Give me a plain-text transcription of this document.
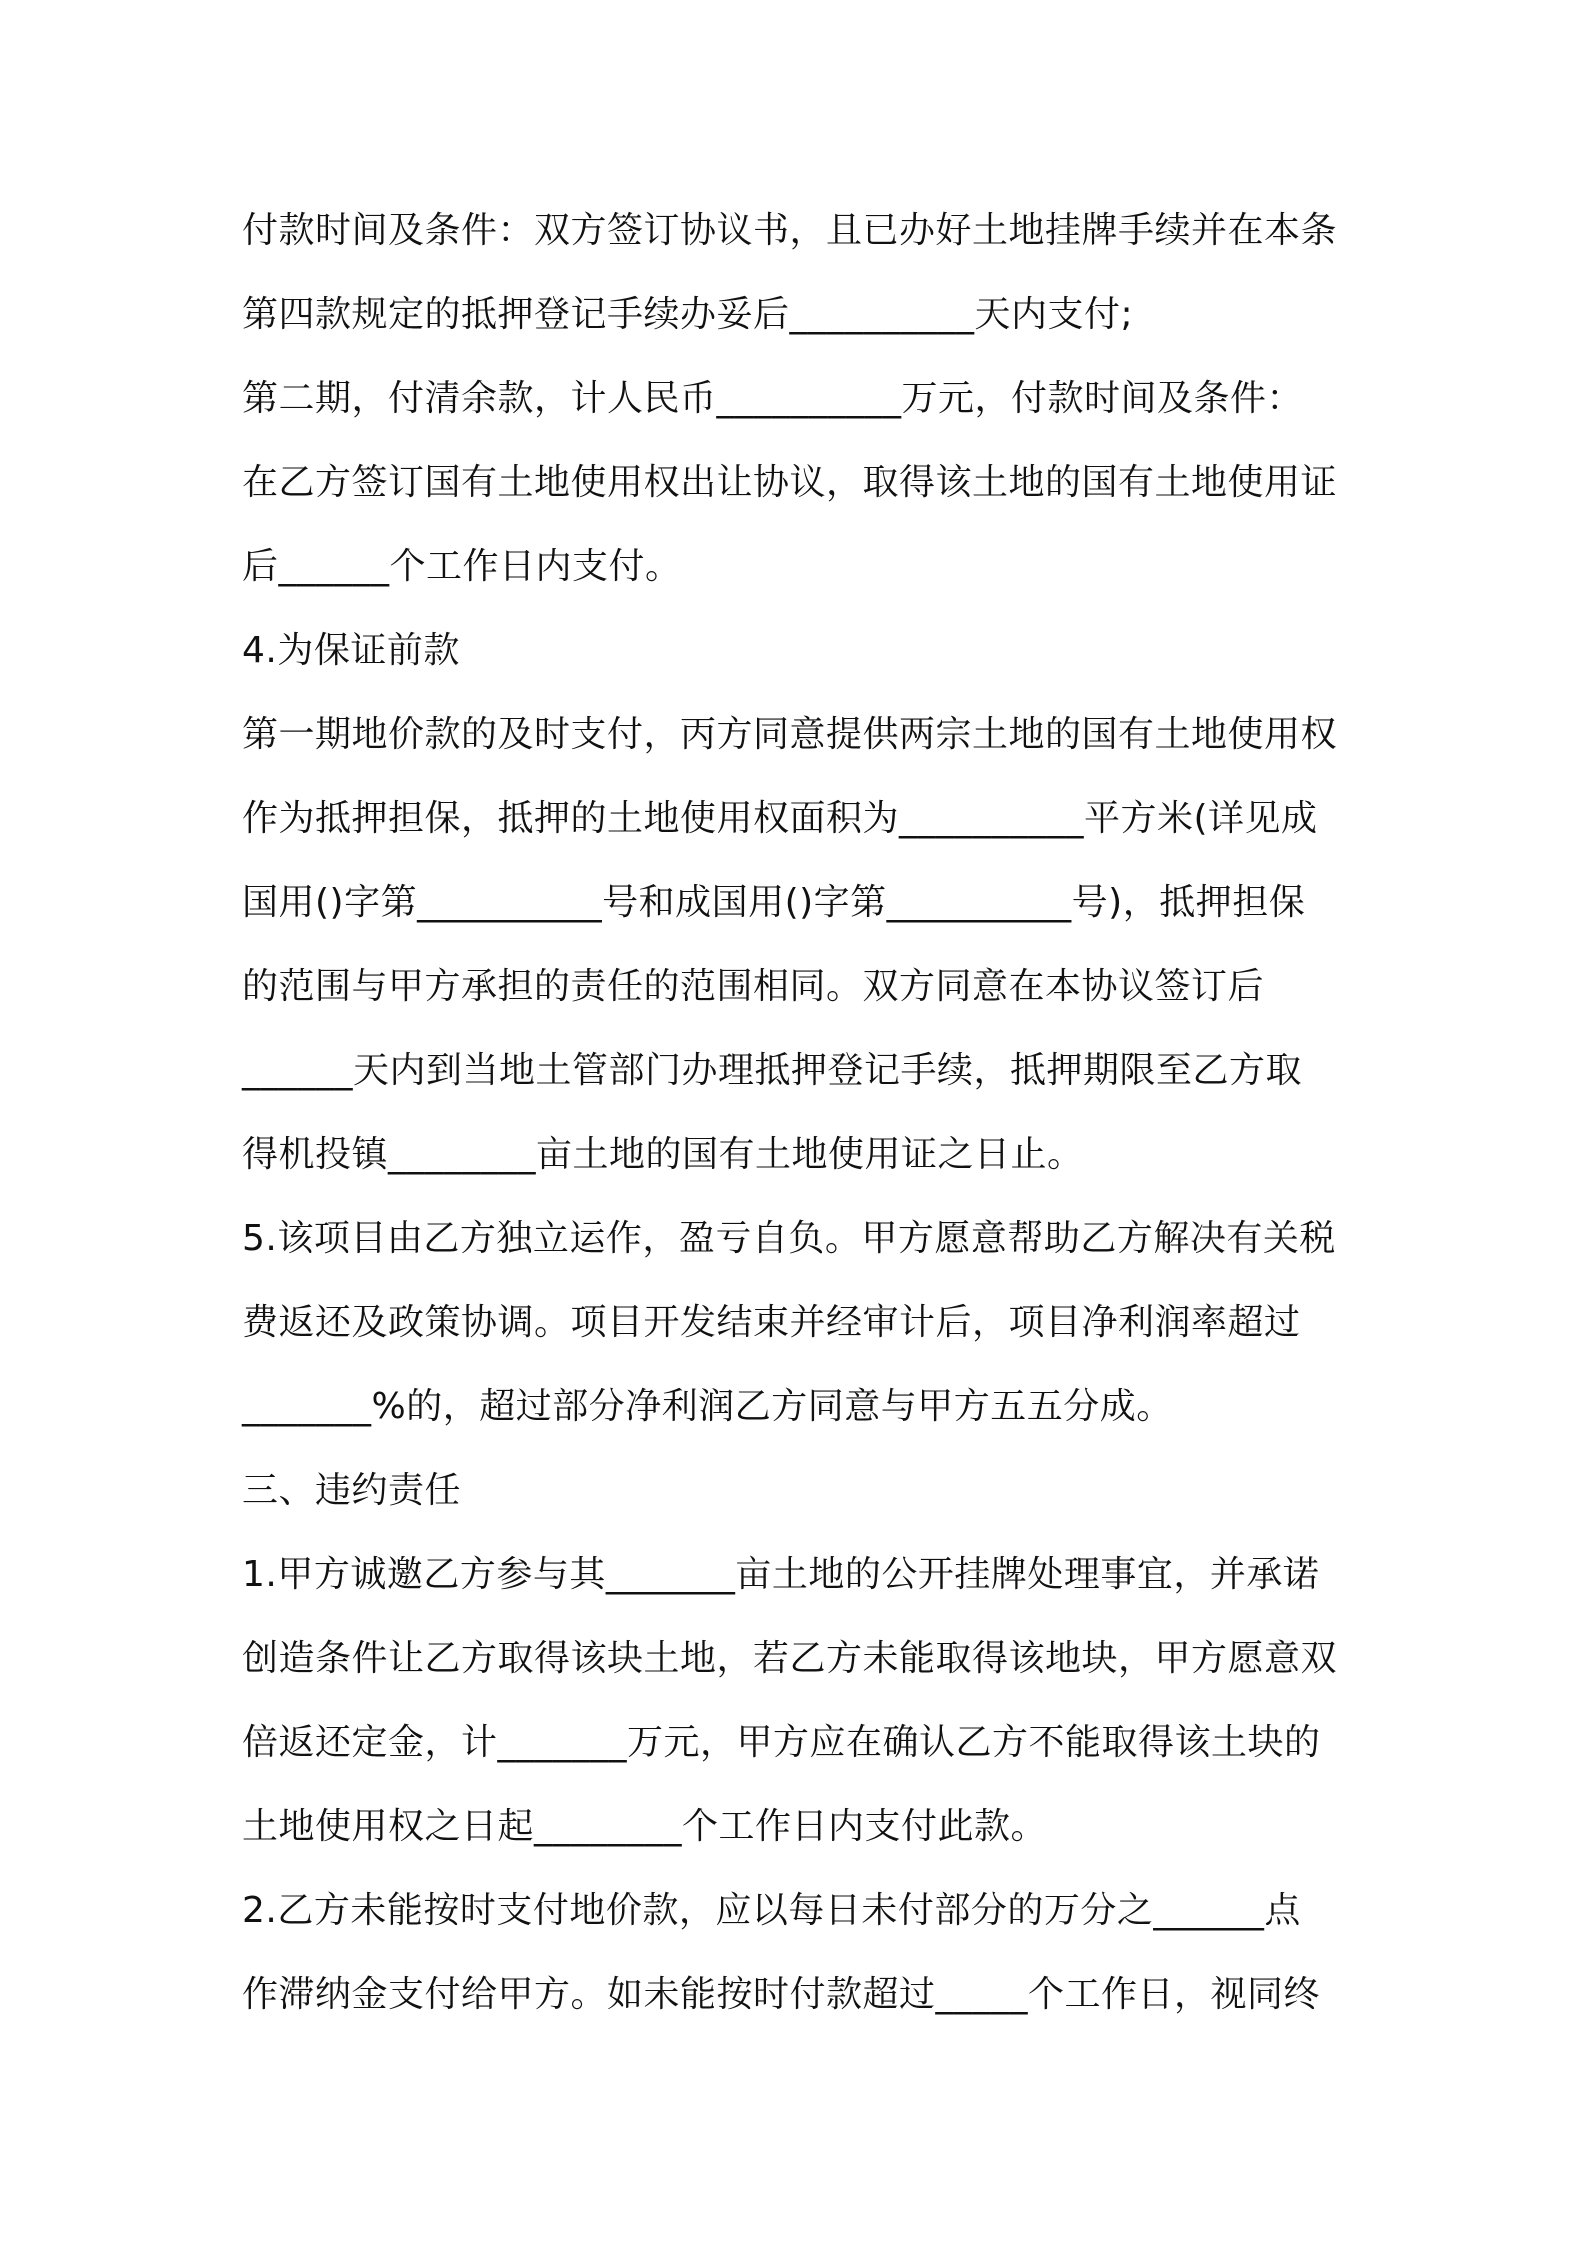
付款时间及条件：双方签订协议书，且已办好土地挂牌手续并在本条
第四款规定的抵押登记手续办妥后__________天内支付;
第二期，付清余款，计人民币__________万元，付款时间及条件：
在乙方签订国有土地使用权出让协议，取得该土地的国有土地使用证
后______个工作日内支付。
4.为保证前款
第一期地价款的及时支付，丙方同意提供两宗土地的国有土地使用权
作为抵押担保，抵押的土地使用权面积为__________平方米(详见成
国用()字第__________号和成国用()字第__________号)，抵押担保
的范围与甲方承担的责任的范围相同。双方同意在本协议签订后
______天内到当地土管部门办理抵押登记手续，抵押期限至乙方取
得机投镇________亩土地的国有土地使用证之日止。
5.该项目由乙方独立运作，盈亏自负。甲方愿意帮助乙方解决有关税
费返还及政策协调。项目开发结束并经审计后，项目净利润率超过
_______%的，超过部分净利润乙方同意与甲方五五分成。
三、违约责任
1.甲方诚邀乙方参与其_______亩土地的公开挂牌处理事宜，并承诺
创造条件让乙方取得该块土地，若乙方未能取得该地块，甲方愿意双
倍返还定金，计_______万元，甲方应在确认乙方不能取得该土块的
土地使用权之日起________个工作日内支付此款。
2.乙方未能按时支付地价款，应以每日未付部分的万分之______点
作滞纳金支付给甲方。如未能按时付款超过_____个工作日，视同终
